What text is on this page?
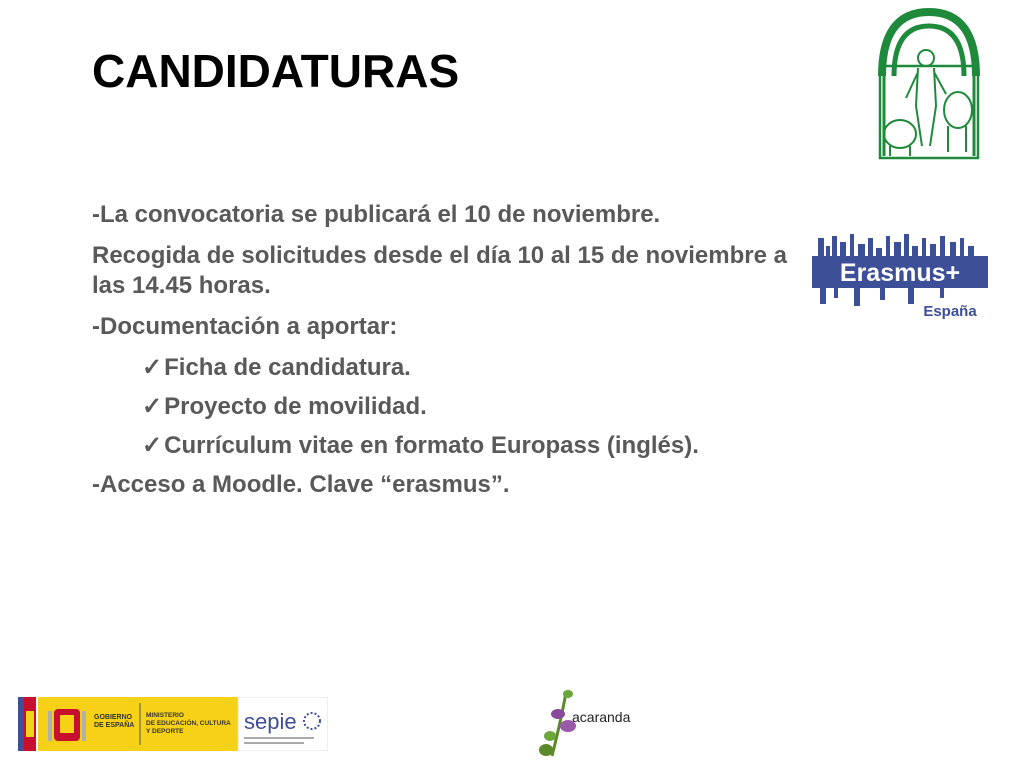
CANDIDATURAS

-La convocatoria se publicará el 10 de noviembre.

Recogida de solicitudes desde el día 10 al 15 de noviembre a las 14.45 horas.

-Documentación a aportar:

✓Ficha de candidatura.

✓Proyecto de movilidad.

✓Currículum vitae en formato Europass (inglés).

-Acceso a Moodle. Clave “erasmus”.

Erasmus+
España
GOBIERNO DE ESPAÑA
MINISTERIO DE EDUCACIÓN, CULTURA Y DEPORTE	sepie	acaranda
